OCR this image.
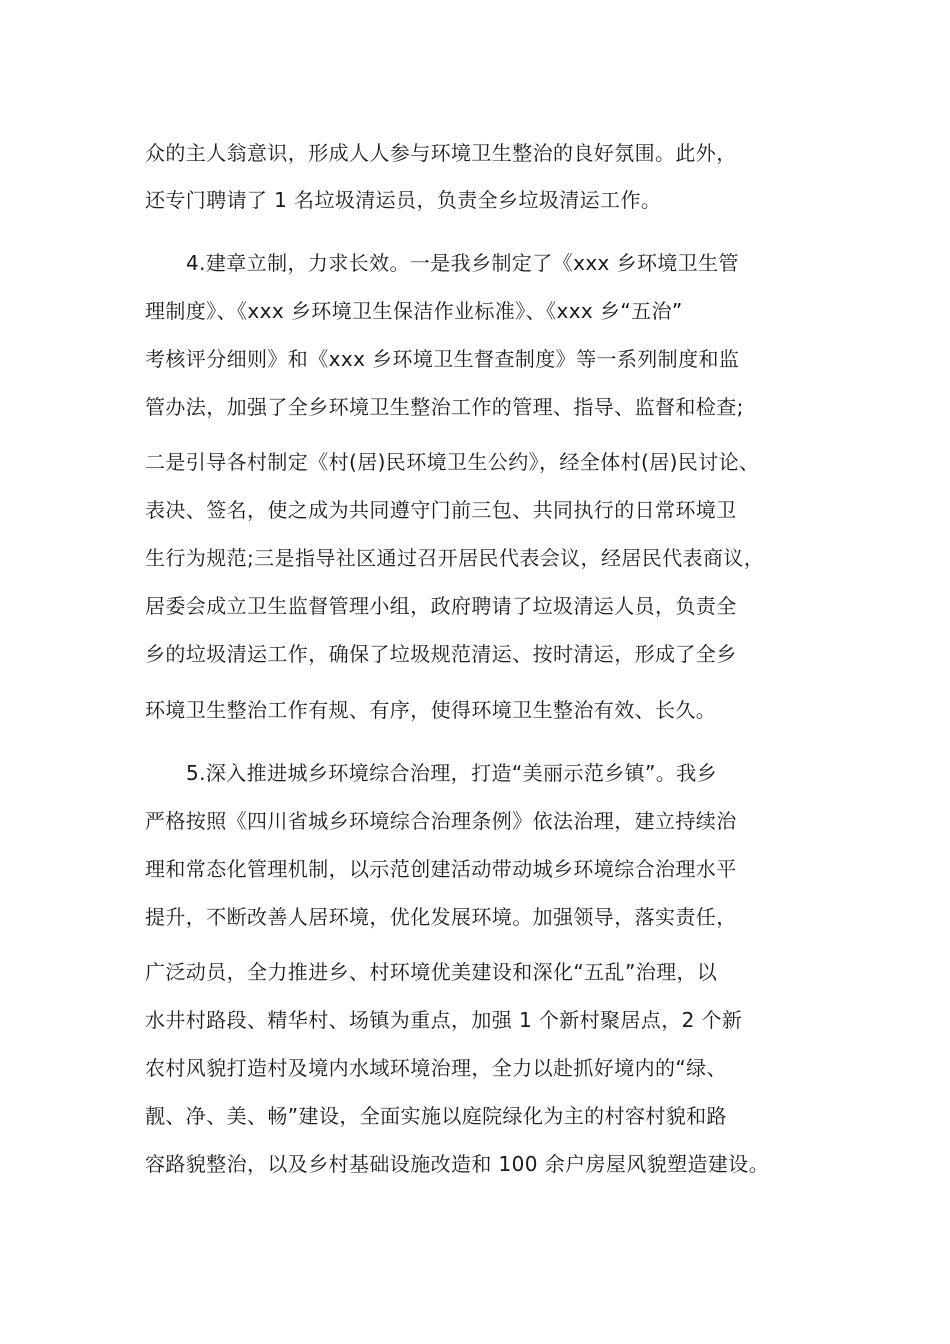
众的主人翁意识，形成人人参与环境卫生整治的良好氛围。此外，
还专门聘请了 1 名垃圾清运员，负责全乡垃圾清运工作。
4.建章立制，力求长效。一是我乡制定了《xxx 乡环境卫生管
理制度》、《xxx 乡环境卫生保洁作业标准》、《xxx 乡“五治”
考核评分细则》和《xxx 乡环境卫生督查制度》等一系列制度和监
管办法，加强了全乡环境卫生整治工作的管理、指导、监督和检查;
二是引导各村制定《村(居)民环境卫生公约》，经全体村(居)民讨论、
表决、签名，使之成为共同遵守门前三包、共同执行的日常环境卫
生行为规范;三是指导社区通过召开居民代表会议，经居民代表商议，
居委会成立卫生监督管理小组，政府聘请了垃圾清运人员，负责全
乡的垃圾清运工作，确保了垃圾规范清运、按时清运，形成了全乡
环境卫生整治工作有规、有序，使得环境卫生整治有效、长久。
5.深入推进城乡环境综合治理，打造“美丽示范乡镇”。我乡
严格按照《四川省城乡环境综合治理条例》依法治理，建立持续治
理和常态化管理机制，以示范创建活动带动城乡环境综合治理水平
提升，不断改善人居环境，优化发展环境。加强领导，落实责任，
广泛动员，全力推进乡、村环境优美建设和深化“五乱”治理，以
水井村路段、精华村、场镇为重点，加强 1 个新村聚居点，2 个新
农村风貌打造村及境内水域环境治理，全力以赴抓好境内的“绿、
靓、净、美、畅”建设，全面实施以庭院绿化为主的村容村貌和路
容路貌整治，以及乡村基础设施改造和 100 余户房屋风貌塑造建设。
